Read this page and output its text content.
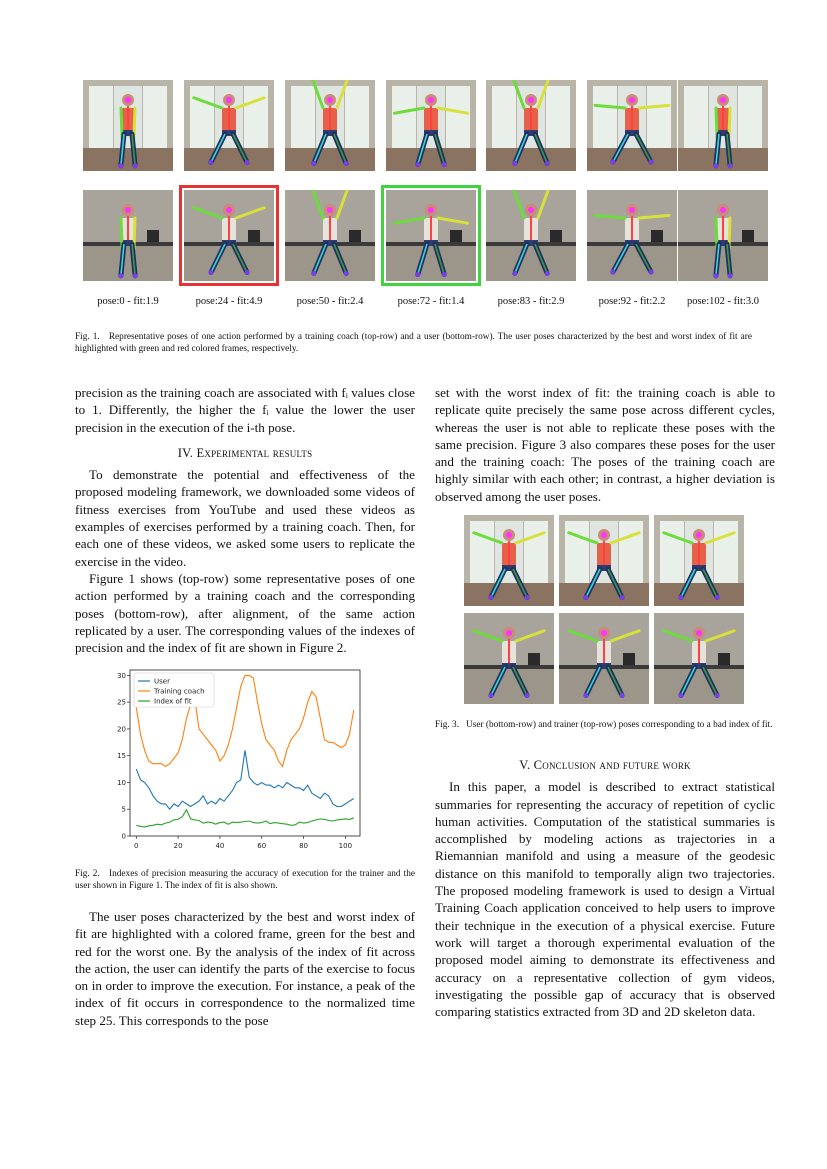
pose:0 - fit:1.9	pose:24 - fit:4.9	pose:50 - fit:2.4	pose:72 - fit:1.4	pose:83 - fit:2.9	pose:92 - fit:2.2	pose:102 - fit:3.0
Fig. 1. Representative poses of one action performed by a training coach (top-row) and a user (bottom-row). The user poses characterized by the best and worst index of fit are highlighted with green and red colored frames, respectively.

precision as the training coach are associated with fᵢ values close to 1. Differently, the higher the fᵢ value the lower the user precision in the execution of the i-th pose.

IV. Experimental results

To demonstrate the potential and effectiveness of the proposed modeling framework, we downloaded some videos of fitness exercises from YouTube and used these videos as examples of exercises performed by a training coach. Then, for each one of these videos, we asked some users to replicate the exercise in the video.

Figure 1 shows (top-row) some representative poses of one action performed by a training coach and the corresponding poses (bottom-row), after alignment, of the same action replicated by a user. The corresponding values of the indexes of precision and the index of fit are shown in Figure 2.

0
5
10
15
20
25
30
0	20	40	60	80	100
User
Training coach
Index of fit
Fig. 2. Indexes of precision measuring the accuracy of execution for the trainer and the user shown in Figure 1. The index of fit is also shown.

The user poses characterized by the best and worst index of fit are highlighted with a colored frame, green for the best and red for the worst one. By the analysis of the index of fit across the action, the user can identify the parts of the exercise to focus on in order to improve the execution. For instance, a peak of the index of fit occurs in correspondence to the normalized time step 25. This corresponds to the pose

set with the worst index of fit: the training coach is able to replicate quite precisely the same pose across different cycles, whereas the user is not able to replicate these poses with the same precision. Figure 3 also compares these poses for the user and the training coach: The poses of the training coach are highly similar with each other; in contrast, a higher deviation is observed among the user poses.

Fig. 3. User (bottom-row) and trainer (top-row) poses corresponding to a bad index of fit.
V. Conclusion and future work

In this paper, a model is described to extract statistical summaries for representing the accuracy of repetition of cyclic human activities. Computation of the statistical summaries is accomplished by modeling actions as trajectories in a Riemannian manifold and using a measure of the geodesic distance on this manifold to temporally align two trajectories. The proposed modeling framework is used to design a Virtual Training Coach application conceived to help users to improve their technique in the execution of a physical exercise. Future work will target a thorough experimental evaluation of the proposed model aiming to demonstrate its effectiveness and accuracy on a representative collection of gym videos, investigating the possible gap of accuracy that is observed comparing statistics extracted from 3D and 2D skeleton data.
